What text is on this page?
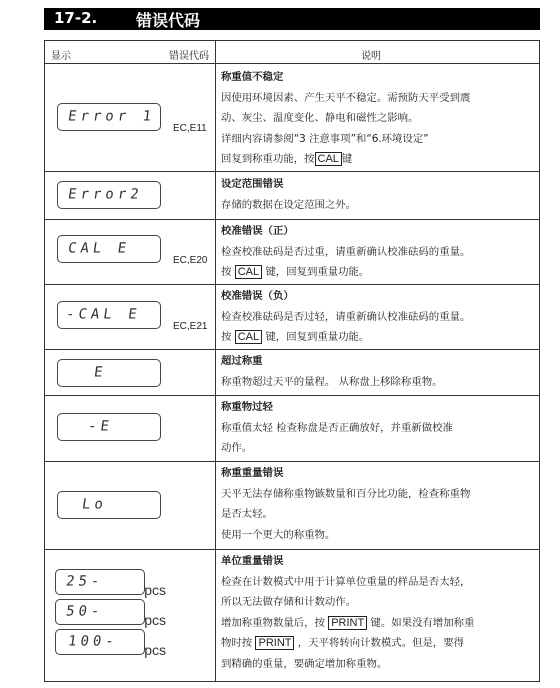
17-2. 错误代码
显示	错误代码	说明
Error 1
EC,E11
称重值不稳定
因使用环境因素、产生天平不稳定。需预防天平受到震
动、灰尘、温度变化、静电和磁性之影响。
详细内容请参阅“3 注意事项”和“6.环境设定”
回复到称重功能，按 CAL 键
Error2
设定范围错误
存储的数据在设定范围之外。
CAL E
EC,E20
校准错误（正）
检查校准砝码是否过重，请重新确认校准砝码的重量。
按 CAL 键，回复到重量功能。
-CAL E
EC,E21
校准错误（负）
检查校准砝码是否过轻，请重新确认校准砝码的重量。
按 CAL 键，回复到重量功能。
E
超过称重
称重物超过天平的量程。 从称盘上移除称重物。
-E
称重物过轻
称重值太轻 检查称盘是否正确放好，并重新做校准
动作。
Lo
称重重量错误
天平无法存储称重物镞数量和百分比功能，检查称重物
是否太轻。
使用一个更大的称重物。
25-
pcs
50-
pcs
100-
pcs
单位重量错误
检查在计数模式中用于计算单位重量的样品是否太轻，
所以无法做存储和计数动作。
增加称重物数量后，按 PRINT 键。如果没有增加称重
物时按 PRINT ，天平将转向计数模式。但是，要得
到精确的重量，要确定增加称重物。
